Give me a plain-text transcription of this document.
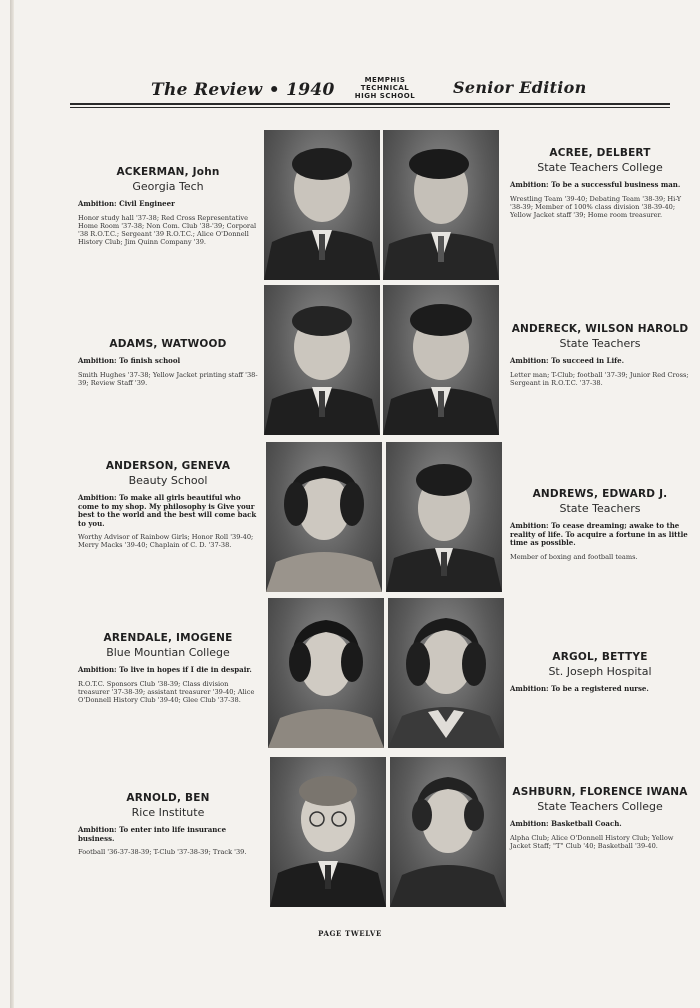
The Review • 1940	MEMPHIS
TECHNICAL
HIGH SCHOOL Senior Edition
ACKERMAN, John
Georgia Tech
Ambition: Civil Engineer
Honor study hall '37-38; Red Cross Representative Home Room '37-38; Non Com. Club '38-'39; Corporal '38 R.O.T.C.; Sergeant '39 R.O.T.C.; Alice O'Donnell History Club; Jim Quinn Company '39.
ACREE, DELBERT
State Teachers College
Ambition: To be a successful business man.
Wrestling Team '39-40; Debating Team '38-39; Hi-Y '38-39; Member of 100% class division '38-39-40; Yellow Jacket staff '39; Home room treasurer.
ADAMS, WATWOOD
Ambition: To finish school
Smith Hughes '37-38; Yellow Jacket printing staff '38-39; Review Staff '39.
ANDERECK, WILSON HAROLD
State Teachers
Ambition: To succeed in Life.
Letter man; T-Club; football '37-39; Junior Red Cross; Sergeant in R.O.T.C. '37-38.
ANDERSON, GENEVA
Beauty School
Ambition: To make all girls beautiful who come to my shop. My philosophy is Give your best to the world and the best will come back to you.
Worthy Advisor of Rainbow Girls; Honor Roll '39-40; Merry Macks '39-40; Chaplain of C. D. '37-38.
ANDREWS, EDWARD J.
State Teachers
Ambition: To cease dreaming; awake to the reality of life. To acquire a fortune in as little time as possible.
Member of boxing and football teams.
ARENDALE, IMOGENE
Blue Mountian College
Ambition: To live in hopes if I die in despair.
R.O.T.C. Sponsors Club '38-39; Class division treasurer '37-38-39; assistant treasurer '39-40; Alice O'Donnell History Club '39-40; Glee Club '37-38.
ARGOL, BETTYE
St. Joseph Hospital
Ambition: To be a registered nurse.
ARNOLD, BEN
Rice Institute
Ambition: To enter into life insurance business.
Football '36-37-38-39; T-Club '37-38-39; Track '39.
ASHBURN, FLORENCE IWANA
State Teachers College
Ambition: Basketball Coach.
Alpha Club; Alice O'Donnell History Club; Yellow Jacket Staff; "T" Club '40; Basketball '39-40.
PAGE TWELVE
